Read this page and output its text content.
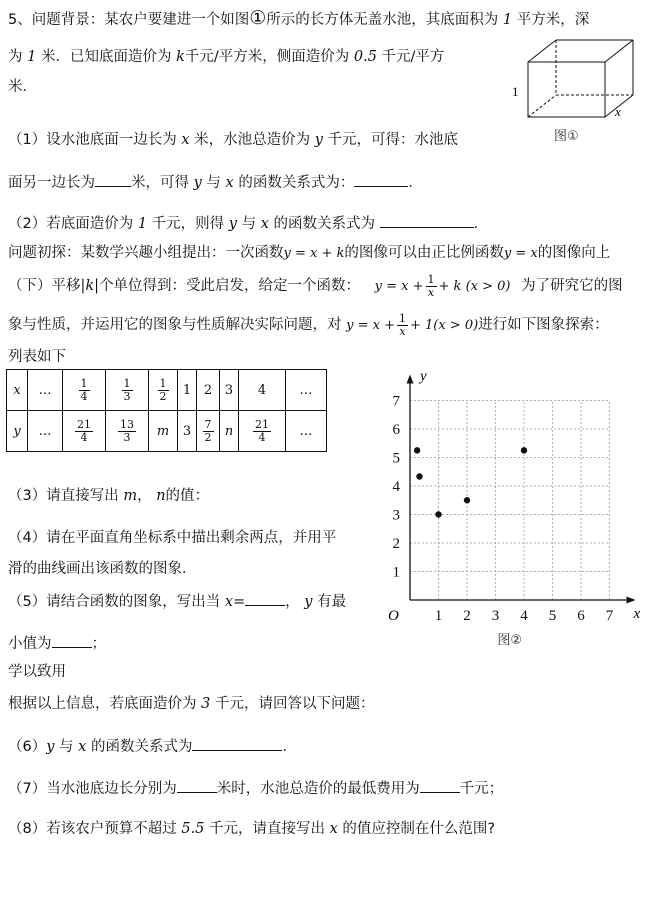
5、问题背景：某农户要建进一个如图①所示的长方体无盖水池，其底面积为 1 平方米，深
为 1 米．已知底面造价为 k千元/平方米，侧面造价为 0.5 千元/平方
米．	1
x
图①
（1）设水池底面一边长为 x 米，水池总造价为 y 千元，可得：水池底
面另一边长为 米，可得 y 与 x 的函数关系式为：	．
（2）若底面造价为 1 千元，则得 y 与 x 的函数关系式为	．
问题初探：某数学兴趣小组提出：一次函数y = x + k的图像可以由正比例函数y = x的图像向上
（下）平移|k|个单位得到：受此启发，给定一个函数： $y = x + \frac{1}{x} + k$ (x > 0) 为了研究它的图
象与性质，并运用它的图象与性质解决实际问题，对 $y = x + \frac{1}{x} + 1(x > 0)$进行如下图象探索：
列表如下
x	…	$\frac{1}{4}$	$\frac{1}{3}$	$\frac{1}{2}$	1	2	3	4	…
y	…	$\frac{21}{4}$	$\frac{13}{3}$	m	3	$\frac{7}{2}$	n	$\frac{21}{4}$	…
1 2 3 4 5 6 7
1
2
3
4
5
6
7
x
y
O
图②
（3）请直接写出 m， n的值：
（4）请在平面直角坐标系中描出剩余两点，并用平
滑的曲线画出该函数的图象．
（5）请结合函数的图象，写出当 x=	， y 有最
小值为	；
学以致用
根据以上信息，若底面造价为 3 千元，请回答以下问题：
（6）y 与 x 的函数关系式为	．
（7）当水池底边长分别为	米时，水池总造价的最低费用为	千元；
（8）若该农户预算不超过 5.5 千元，请直接写出 x 的值应控制在什么范围?
